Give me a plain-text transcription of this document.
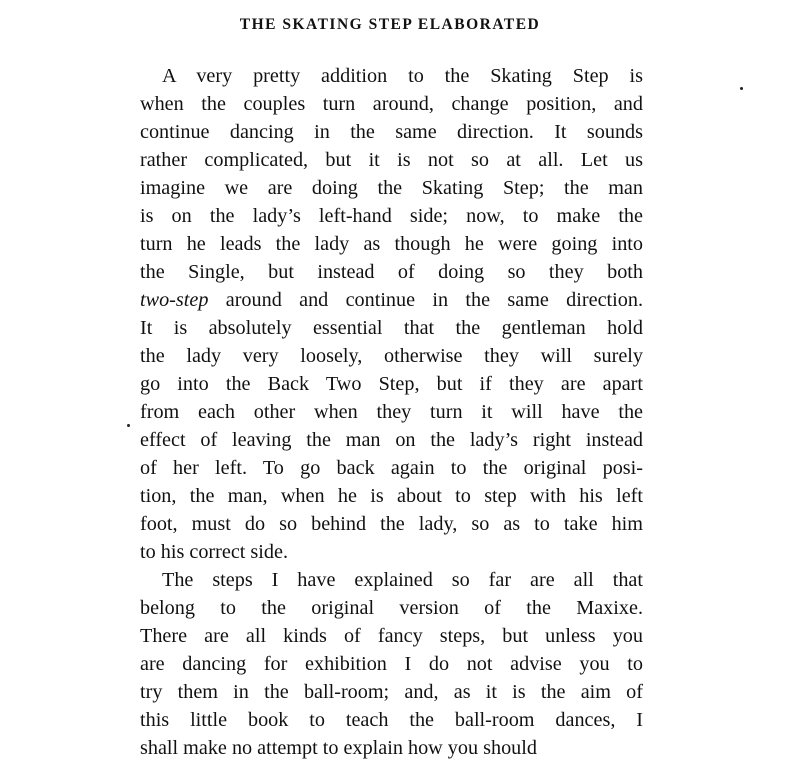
THE SKATING STEP ELABORATED
A very pretty addition to the Skating Step is
when the couples turn around, change position, and
continue dancing in the same direction. It sounds
rather complicated, but it is not so at all. Let us
imagine we are doing the Skating Step; the man
is on the lady’s left-hand side; now, to make the
turn he leads the lady as though he were going into
the Single, but instead of doing so they both
two-step around and continue in the same direction.
It is absolutely essential that the gentleman hold
the lady very loosely, otherwise they will surely
go into the Back Two Step, but if they are apart
from each other when they turn it will have the
effect of leaving the man on the lady’s right instead
of her left. To go back again to the original posi-
tion, the man, when he is about to step with his left
foot, must do so behind the lady, so as to take him
to his correct side.
The steps I have explained so far are all that
belong to the original version of the Maxixe.
There are all kinds of fancy steps, but unless you
are dancing for exhibition I do not advise you to
try them in the ball-room; and, as it is the aim of
this little book to teach the ball-room dances, I
shall make no attempt to explain how you should
